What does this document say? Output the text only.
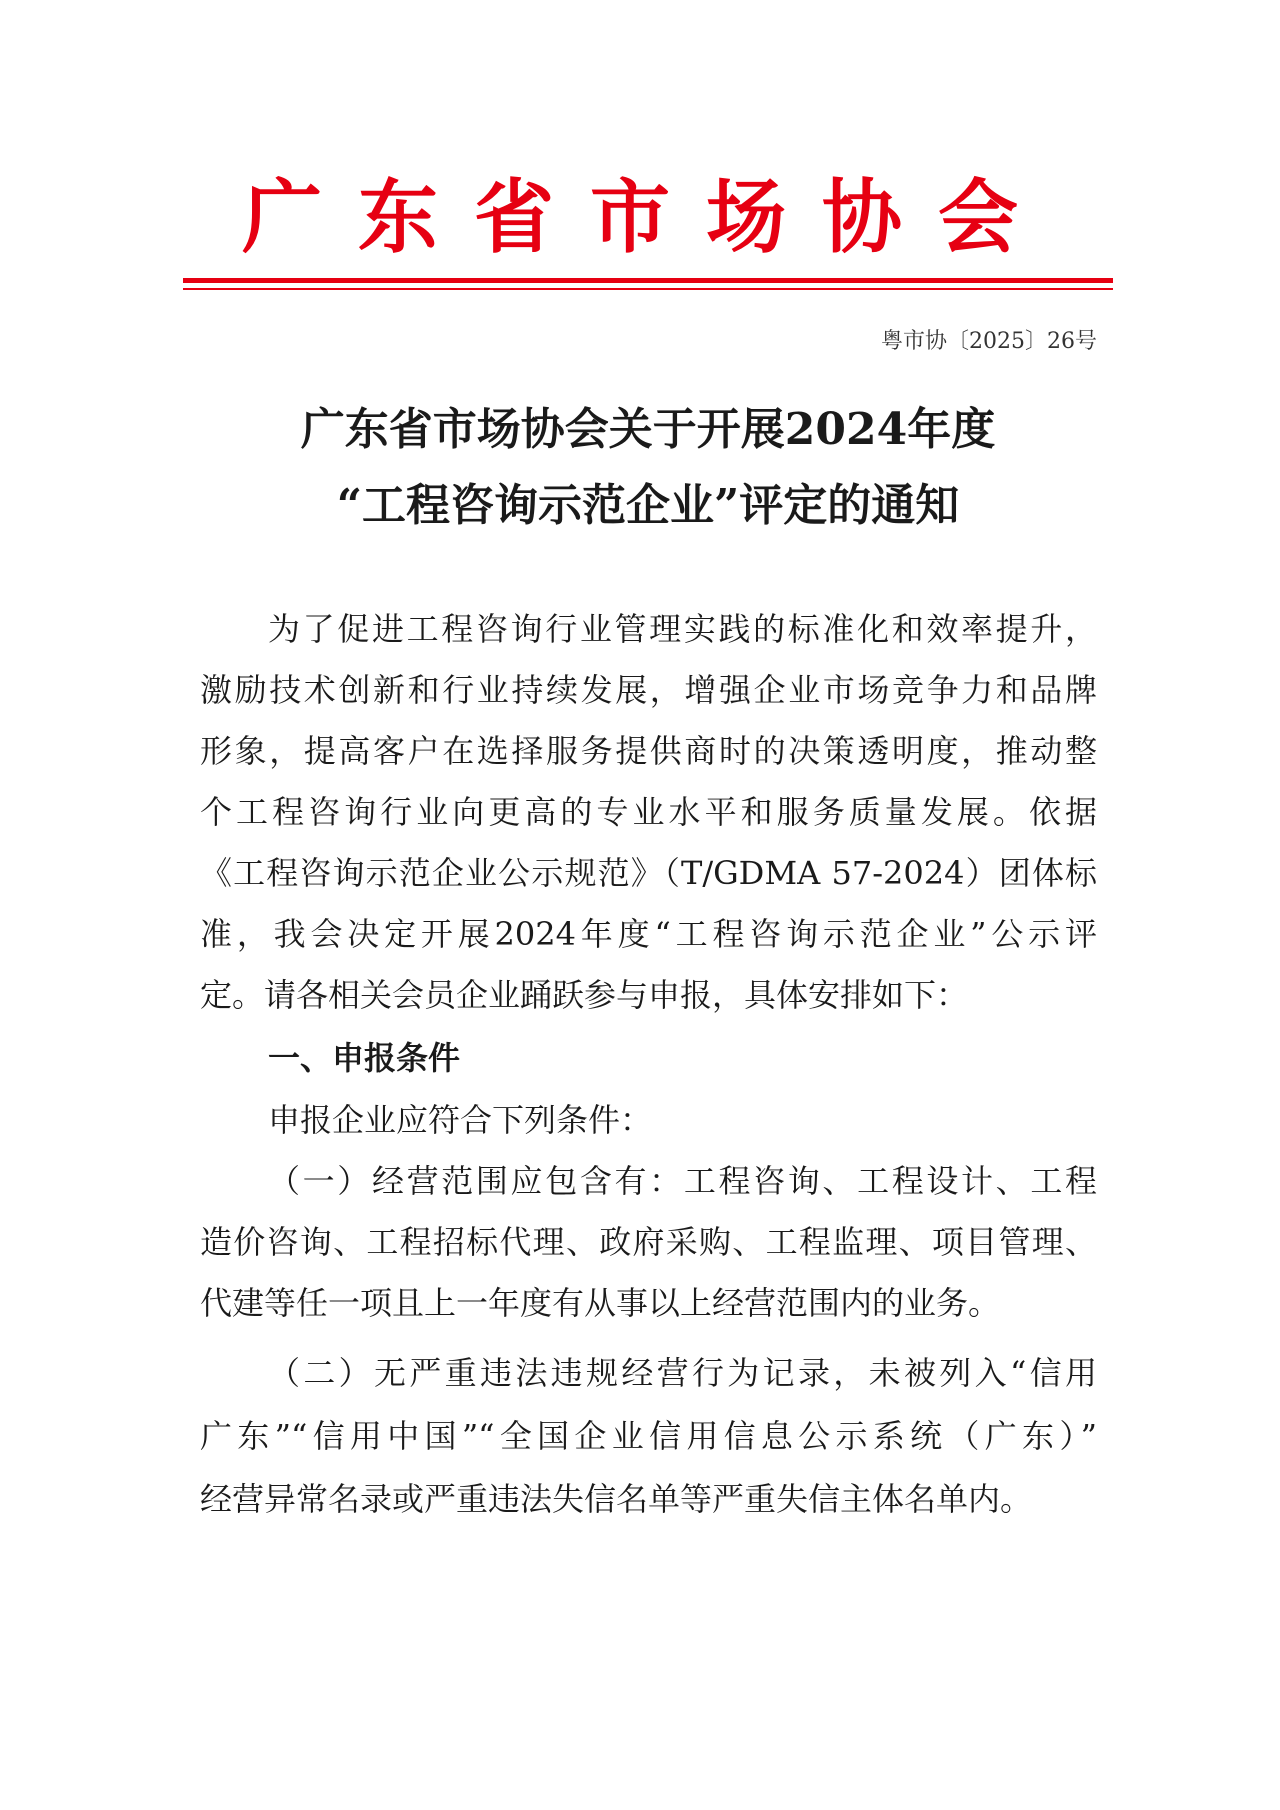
广东省市场协会
粤市协〔2025〕26号
广东省市场协会关于开展2024年度
“工程咨询示范企业”评定的通知
为了促进工程咨询行业管理实践的标准化和效率提升，
激励技术创新和行业持续发展，增强企业市场竞争力和品牌
形象，提高客户在选择服务提供商时的决策透明度，推动整
个工程咨询行业向更高的专业水平和服务质量发展。依据
《工程咨询示范企业公示规范》（T/GDMA 57-2024）团体标
准，我会决定开展2024年度“工程咨询示范企业”公示评
定。请各相关会员企业踊跃参与申报，具体安排如下：
一、申报条件
申报企业应符合下列条件：
（一）经营范围应包含有：工程咨询、工程设计、工程
造价咨询、工程招标代理、政府采购、工程监理、项目管理、
代建等任一项且上一年度有从事以上经营范围内的业务。
（二）无严重违法违规经营行为记录，未被列入“信用
广东”“信用中国”“全国企业信用信息公示系统（广东）”
经营异常名录或严重违法失信名单等严重失信主体名单内。
